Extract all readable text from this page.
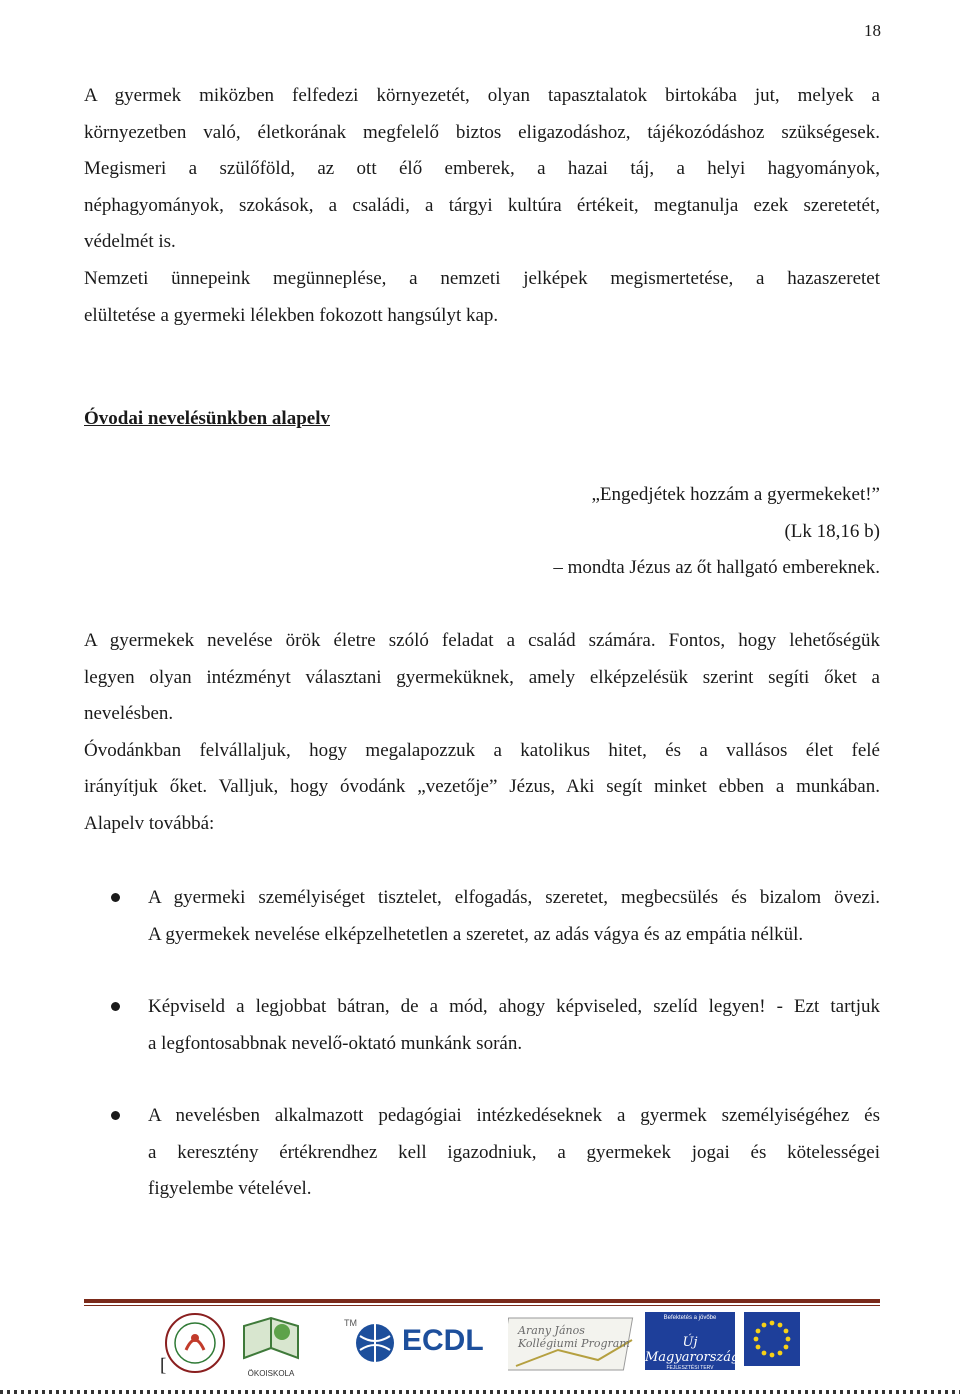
18
A gyermek miközben felfedezi környezetét, olyan tapasztalatok birtokába jut, melyek a
környezetben való, életkorának megfelelő biztos eligazodáshoz, tájékozódáshoz szükségesek.
Megismeri a szülőföld, az ott élő emberek, a hazai táj, a helyi hagyományok,
néphagyományok, szokások, a családi, a tárgyi kultúra értékeit, megtanulja ezek szeretetét,
védelmét is.
Nemzeti ünnepeink megünneplése, a nemzeti jelképek megismertetése, a hazaszeretet
elültetése a gyermeki lélekben fokozott hangsúlyt kap.
Óvodai nevelésünkben alapelv
„Engedjétek hozzám a gyermekeket!”
(Lk 18,16 b)
– mondta Jézus az őt hallgató embereknek.
A gyermekek nevelése örök életre szóló feladat a család számára. Fontos, hogy lehetőségük
legyen olyan intézményt választani gyermeküknek, amely elképzelésük szerint segíti őket a
nevelésben.
Óvodánkban felvállaljuk, hogy megalapozzuk a katolikus hitet, és a vallásos élet felé
irányítjuk őket. Valljuk, hogy óvodánk „vezetője” Jézus, Aki segít minket ebben a munkában.
Alapelv továbbá:
A gyermeki személyiséget tisztelet, elfogadás, szeretet, megbecsülés és bizalom övezi.
A gyermekek nevelése elképzelhetetlen a szeretet, az adás vágya és az empátia nélkül.
Képviseld a legjobbat bátran, de a mód, ahogy képviseled, szelíd legyen! - Ezt tartjuk
a legfontosabbnak nevelő-oktató munkánk során.
A nevelésben alkalmazott pedagógiai intézkedéseknek a gyermek személyiségéhez és
a keresztény értékrendhez kell igazodniuk, a gyermekek jogai és kötelességei
figyelembe vételével.
[	ÖKOISKOLA
TM
ECDL	Arany János Kollégiumi Program
Befektetés a jövőbe
Új Magyarország
FEJLESZTÉSI TERV
